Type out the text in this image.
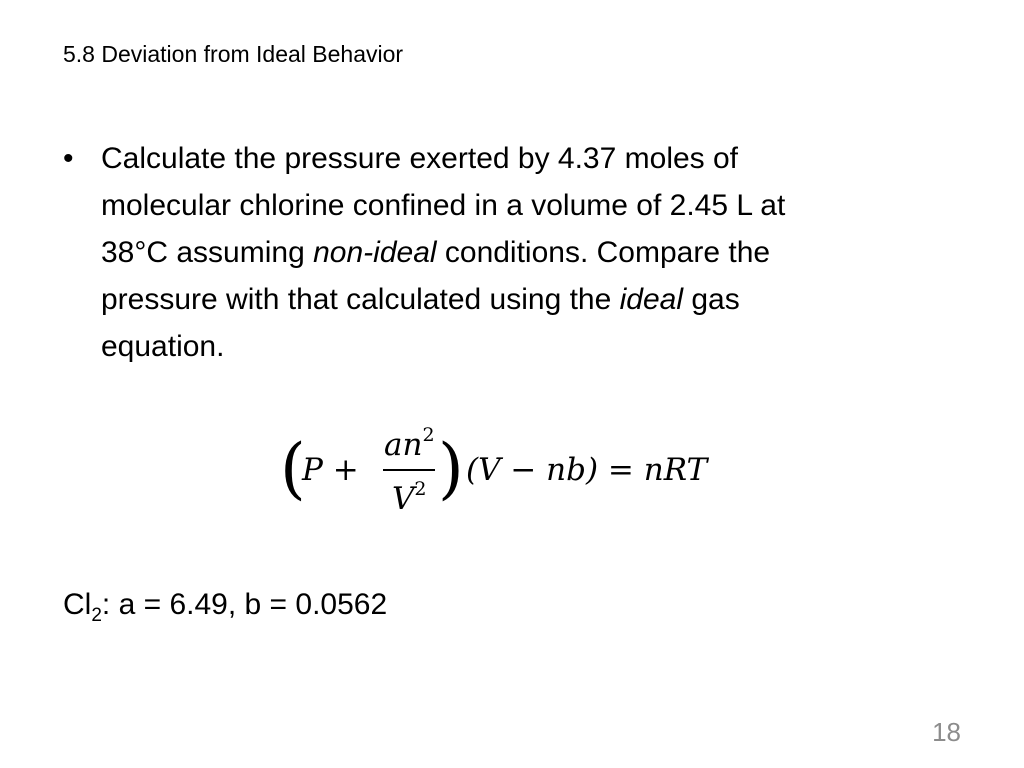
5.8 Deviation from Ideal Behavior
• Calculate the pressure exerted by 4.37 moles of
molecular chlorine confined in a volume of 2.45 L at
38°C assuming non-ideal conditions. Compare the
pressure with that calculated using the ideal gas
equation.
(
P +
$an^2$
$V^2$ ) (V − nb) = nRT
$Cl_2$: a = 6.49, b = 0.0562
18
